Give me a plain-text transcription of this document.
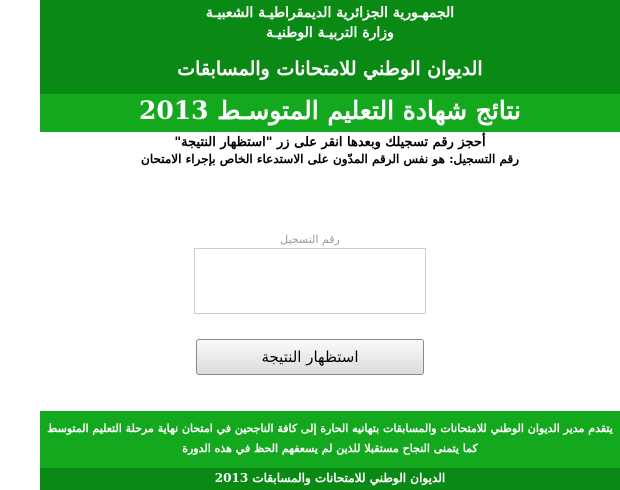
الجمهـورية الجزائرية الديمقراطيـة الشعبيـة
وزارة التربيـة الوطنيـة
الديوان الوطني للامتحانات والمسابقات
نتائج شهادة التعليم المتوسـط 2013
أحجز رقم تسجيلك وبعدها انقر على زر "استظهار النتيجة"
رقم التسجيل: هو نفس الرقم المدّون على الاستدعاء الخاص بإجراء الامتحان
رقم التسجيل
استظهار النتيجة
يتقدم مدير الديوان الوطني للامتحانات والمسابقات بتهانيه الحارة إلى كافة الناجحين في امتحان نهاية مرحلة التعليم المتوسط
كما يتمنى النجاح مستقبلا للذين لم يسعفهم الحظ في هذه الدورة
الديوان الوطني للامتحانات والمسابقات 2013
